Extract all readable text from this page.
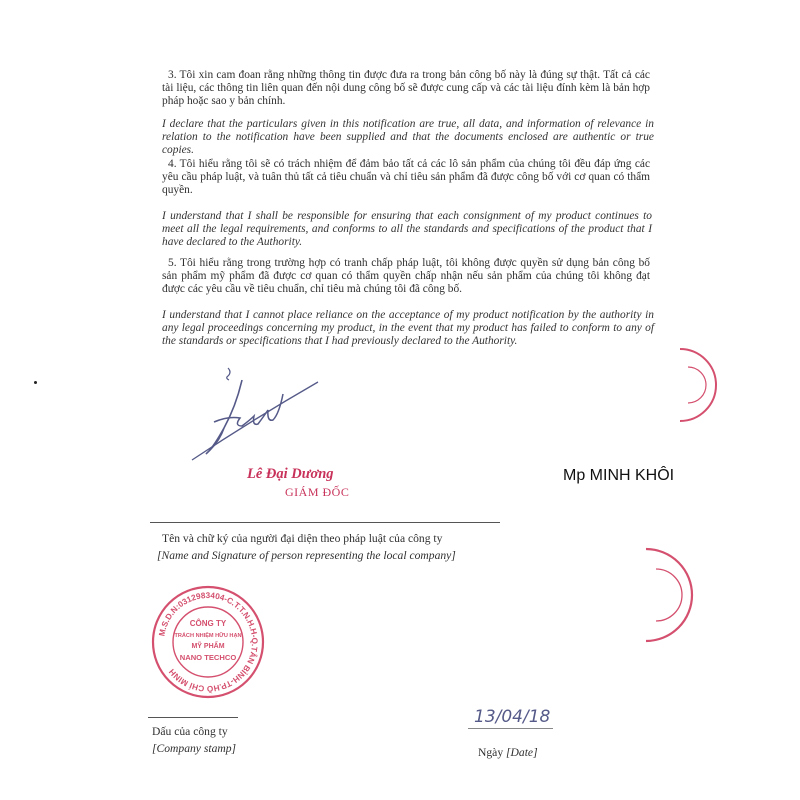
3. Tôi xin cam đoan rằng những thông tin được đưa ra trong bản công bố này là đúng sự thật. Tất cả các tài liệu, các thông tin liên quan đến nội dung công bố sẽ được cung cấp và các tài liệu đính kèm là bản hợp pháp hoặc sao y bản chính.

I declare that the particulars given in this notification are true, all data, and information of relevance in relation to the notification have been supplied and that the documents enclosed are authentic or true copies.

4. Tôi hiểu rằng tôi sẽ có trách nhiệm để đảm bảo tất cả các lô sản phẩm của chúng tôi đều đáp ứng các yêu cầu pháp luật, và tuân thủ tất cả tiêu chuẩn và chỉ tiêu sản phẩm đã được công bố với cơ quan có thẩm quyền.

I understand that I shall be responsible for ensuring that each consignment of my product continues to meet all the legal requirements, and conforms to all the standards and specifications of the product that I have declared to the Authority.

5. Tôi hiểu rằng trong trường hợp có tranh chấp pháp luật, tôi không được quyền sử dụng bản công bố sản phẩm mỹ phẩm đã được cơ quan có thẩm quyền chấp nhận nếu sản phẩm của chúng tôi không đạt được các yêu cầu về tiêu chuẩn, chỉ tiêu mà chúng tôi đã công bố.

I understand that I cannot place reliance on the acceptance of my product notification by the authority in any legal proceedings concerning my product, in the event that my product has failed to conform to any of the standards or specifications that I had previously declared to the Authority.

Lê Đại Dương
GIÁM ĐỐC
Mp MINH KHÔI
Tên và chữ ký của người đại diện theo pháp luật của công ty
[Name and Signature of person representing the local company]
M.S.D.N:0312983404-C.T.T.N.H.H-Q.TÂN BÌNH-TP.HỒ CHÍ MINH
CÔNG TY
TRÁCH NHIỆM HỮU HẠN
MỸ PHẨM
NANO TECHCO
Dấu của công ty
[Company stamp]
13/04/18
Ngày [Date]
